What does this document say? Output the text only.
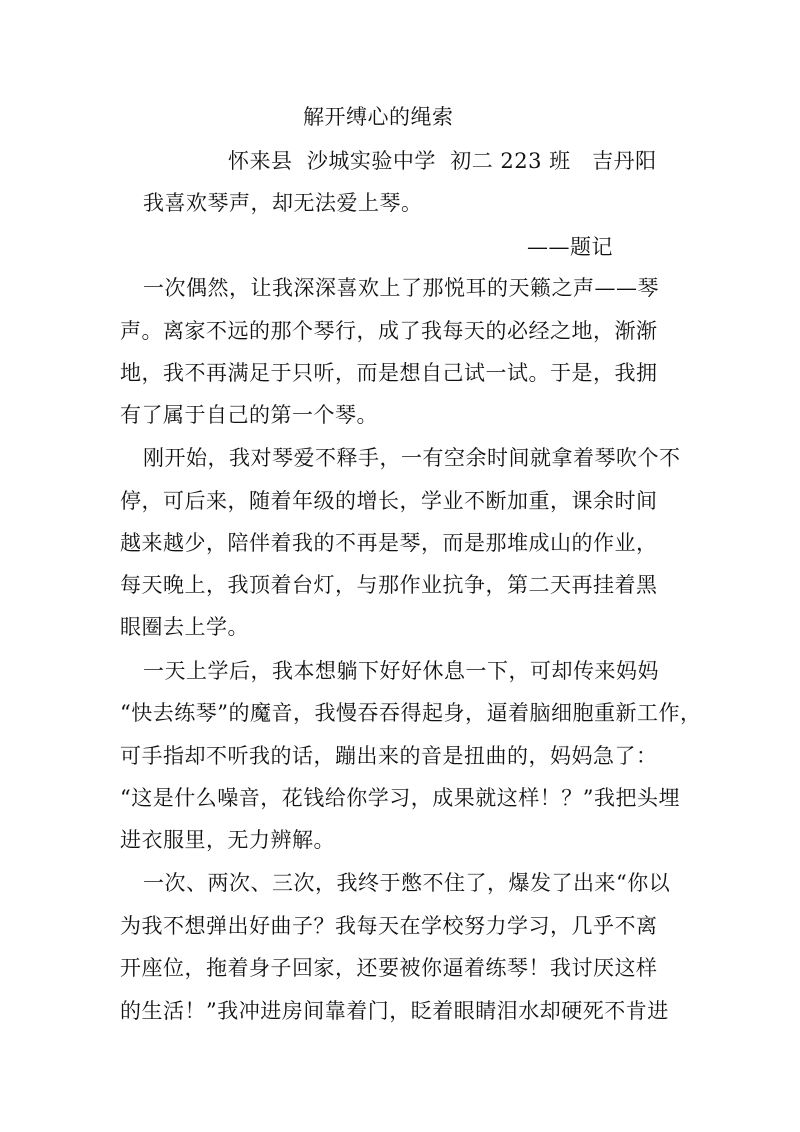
解开缚心的绳索
怀来县  沙城实验中学  初二 223 班   吉丹阳
我喜欢琴声，却无法爱上琴。
——题记
一次偶然，让我深深喜欢上了那悦耳的天籁之声——琴
声。离家不远的那个琴行，成了我每天的必经之地，渐渐
地，我不再满足于只听，而是想自己试一试。于是，我拥
有了属于自己的第一个琴。
刚开始，我对琴爱不释手，一有空余时间就拿着琴吹个不
停，可后来，随着年级的增长，学业不断加重，课余时间
越来越少，陪伴着我的不再是琴，而是那堆成山的作业，
每天晚上，我顶着台灯，与那作业抗争，第二天再挂着黑
眼圈去上学。
一天上学后，我本想躺下好好休息一下，可却传来妈妈
“快去练琴”的魔音，我慢吞吞得起身，逼着脑细胞重新工作，
可手指却不听我的话，蹦出来的音是扭曲的，妈妈急了：
“这是什么噪音，花钱给你学习，成果就这样！？”我把头埋
进衣服里，无力辨解。
一次、两次、三次，我终于憋不住了，爆发了出来“你以
为我不想弹出好曲子？我每天在学校努力学习，几乎不离
开座位，拖着身子回家，还要被你逼着练琴！我讨厌这样
的生活！”我冲进房间靠着门，眨着眼睛泪水却硬死不肯进
